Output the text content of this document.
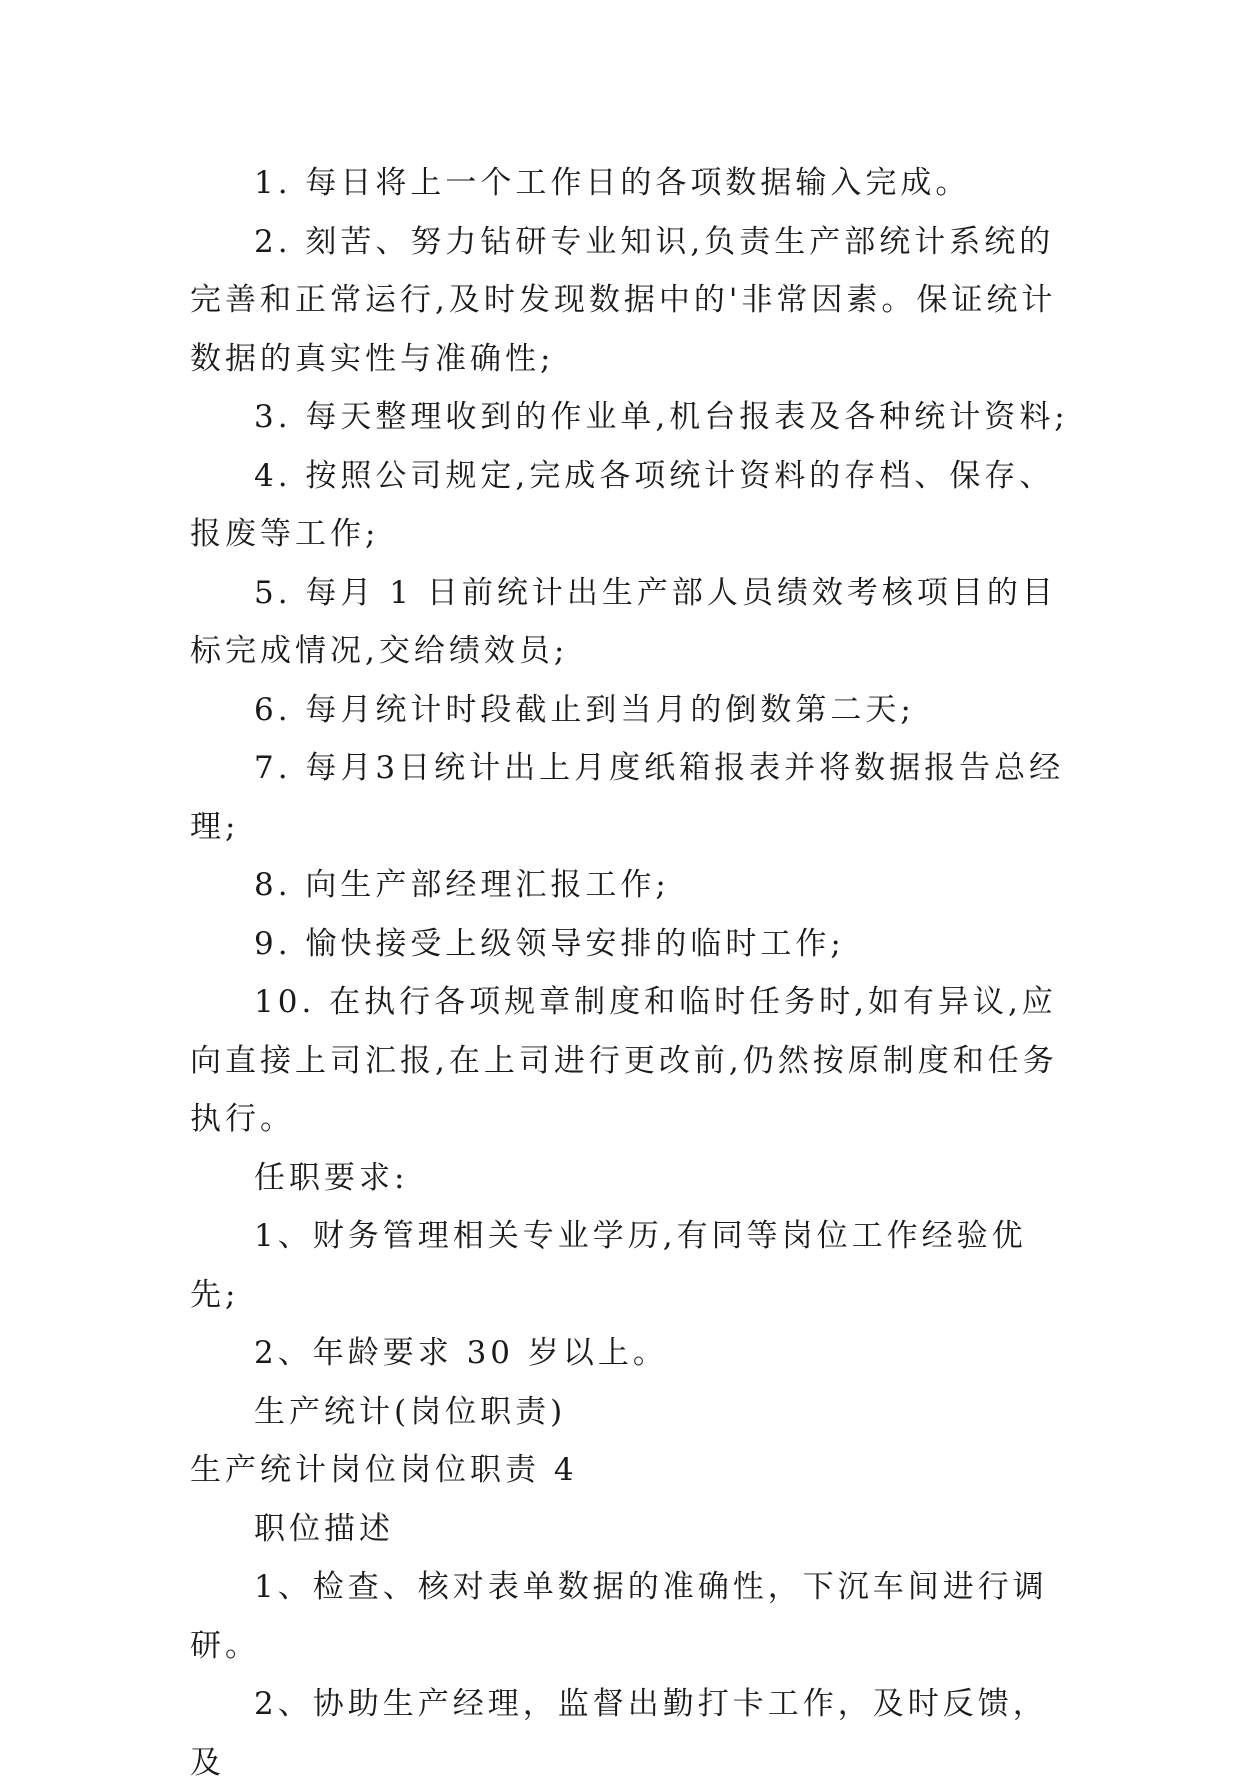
1. 每日将上一个工作日的各项数据输入完成。

2. 刻苦、努力钻研专业知识,负责生产部统计系统的完善和正常运行,及时发现数据中的'非常因素。保证统计数据的真实性与准确性;

3. 每天整理收到的作业单,机台报表及各种统计资料;

4. 按照公司规定,完成各项统计资料的存档、保存、报废等工作;

5. 每月 1 日前统计出生产部人员绩效考核项目的目标完成情况,交给绩效员;

6. 每月统计时段截止到当月的倒数第二天;

7. 每月3日统计出上月度纸箱报表并将数据报告总经理;

8. 向生产部经理汇报工作;

9. 愉快接受上级领导安排的临时工作;

10. 在执行各项规章制度和临时任务时,如有异议,应向直接上司汇报,在上司进行更改前,仍然按原制度和任务执行。

任职要求:

1、财务管理相关专业学历,有同等岗位工作经验优先;

2、年龄要求 30 岁以上。

生产统计(岗位职责)

生产统计岗位岗位职责 4

职位描述

1、检查、核对表单数据的准确性，下沉车间进行调研。

2、协助生产经理，监督出勤打卡工作，及时反馈，及
